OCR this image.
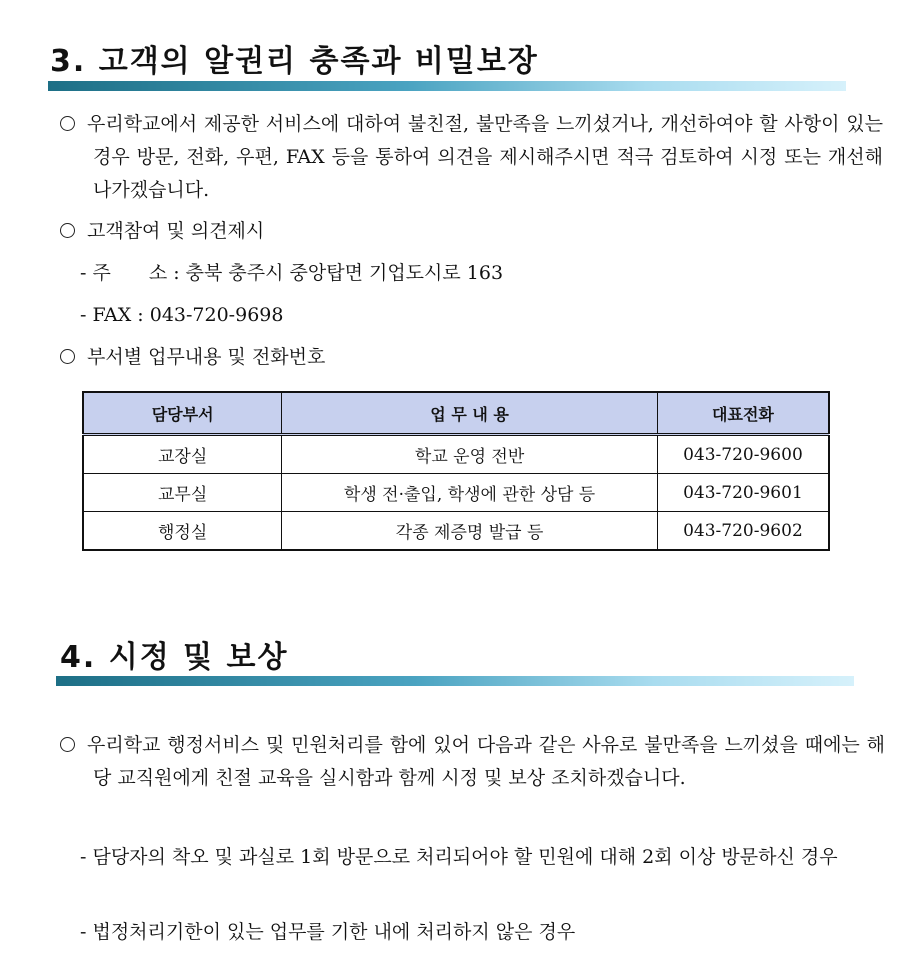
3. 고객의 알권리 충족과 비밀보장

우리학교에서 제공한 서비스에 대하여 불친절, 불만족을 느끼셨거나, 개선하여야 할 사항이 있는 경우 방문, 전화, 우편, FAX 등을 통하여 의견을 제시해주시면 적극 검토하여 시정 또는 개선해 나가겠습니다.

고객참여 및 의견제시

- 주　　소 : 충북 충주시 중앙탑면 기업도시로 163

- FAX : 043-720-9698

부서별 업무내용 및 전화번호

담당부서	업 무 내 용	대표전화
교장실	학교 운영 전반	043-720-9600
교무실	학생 전·출입, 학생에 관한 상담 등	043-720-9601
행정실	각종 제증명 발급 등	043-720-9602
4. 시정 및 보상

우리학교 행정서비스 및 민원처리를 함에 있어 다음과 같은 사유로 불만족을 느끼셨을 때에는 해당 교직원에게 친절 교육을 실시함과 함께 시정 및 보상 조치하겠습니다.

- 담당자의 착오 및 과실로 1회 방문으로 처리되어야 할 민원에 대해 2회 이상 방문하신 경우

- 법정처리기한이 있는 업무를 기한 내에 처리하지 않은 경우
